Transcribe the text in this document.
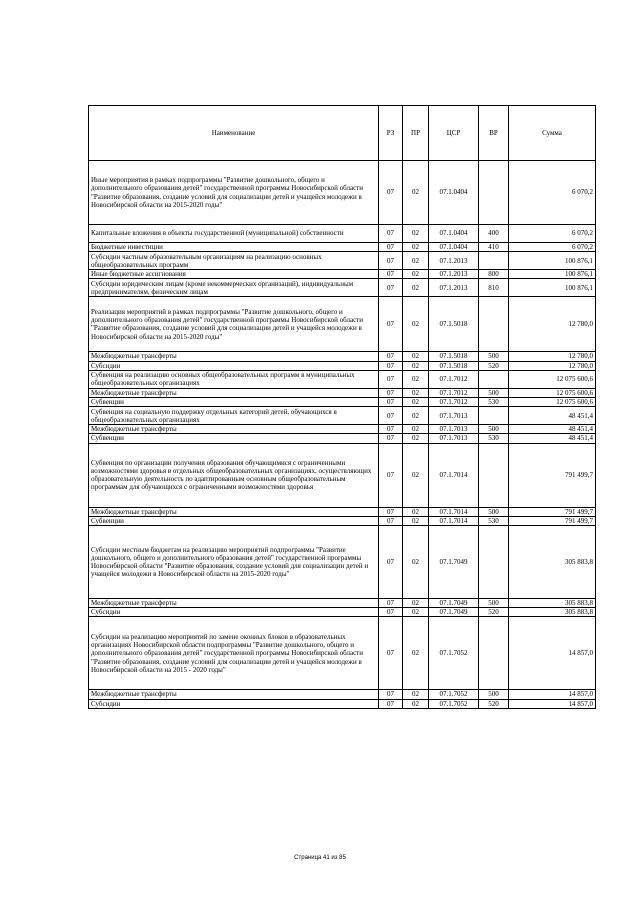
Наименование	РЗ	ПР	ЦСР	ВР	Сумма
Иные мероприятия в рамках подпрограммы "Развитие дошкольного, общего и дополнительного образования детей" государственной программы Новосибирской области "Развитие образования, создание условий для социализации детей и учащейся молодежи в Новосибирской области на 2015-2020 годы"	07	02	07.1.0404		6 070,2
Капитальные вложения в объекты государственной (муниципальной) собственности	07	02	07.1.0404	400	6 070,2
Бюджетные инвестиции	07	02	07.1.0404	410	6 070,2
Субсидии частным образовательным организациям на реализацию основных общеобразовательных программ	07	02	07.1.2013		100 876,1
Иные бюджетные ассигнования	07	02	07.1.2013	800	100 876,1
Субсидии юридическим лицам (кроме некоммерческих организаций), индивидуальным предпринимателям, физическим лицам	07	02	07.1.2013	810	100 876,1
Реализация мероприятий в рамках подпрограммы "Развитие дошкольного, общего и дополнительного образования детей" государственной программы Новосибирской области "Развитие образования, создание условий для социализации детей и учащейся молодежи в Новосибирской области на 2015-2020 годы"	07	02	07.1.5018		12 780,0
Межбюджетные трансферты	07	02	07.1.5018	500	12 780,0
Субсидии	07	02	07.1.5018	520	12 780,0
Субвенция на реализацию основных общеобразовательных программ в муниципальных общеобразовательных организациях	07	02	07.1.7012		12 075 600,6
Межбюджетные трансферты	07	02	07.1.7012	500	12 075 600,6
Субвенции	07	02	07.1.7012	530	12 075 600,6
Субвенция на социальную поддержку отдельных категорий детей, обучающихся в общеобразовательных организациях	07	02	07.1.7013		48 451,4
Межбюджетные трансферты	07	02	07.1.7013	500	48 451,4
Субвенции	07	02	07.1.7013	530	48 451,4
Субвенция по организации получения образования обучающимися с ограниченными возможностями здоровья в отдельных общеобразовательных организациях, осуществляющих образовательную деятельность по адаптированным основным общеобразовательным программам для обучающихся с ограниченными возможностями здоровья	07	02	07.1.7014		791 499,7
Межбюджетные трансферты	07	02	07.1.7014	500	791 499,7
Субвенции	07	02	07.1.7014	530	791 499,7
Субсидии местным бюджетам на реализацию мероприятий подпрограммы "Развитие дошкольного, общего и дополнительного образования детей" государственной программы Новосибирской области "Развитие образования, создание условий для социализации детей и учащейся молодежи в Новосибирской области на 2015-2020 годы"	07	02	07.1.7049		305 883,8
Межбюджетные трансферты	07	02	07.1.7049	500	305 883,8
Субсидии	07	02	07.1.7049	520	305 883,8
Субсидии на реализацию мероприятий по замене оконных блоков в образовательных организациях Новосибирской области подпрограммы "Развитие дошкольного, общего и дополнительного образования детей" государственной программы Новосибирской области "Развитие образования, создание условий для социализации детей и учащейся молодежи в Новосибирской области на 2015 - 2020 годы"	07	02	07.1.7052		14 857,0
Межбюджетные трансферты	07	02	07.1.7052	500	14 857,0
Субсидии	07	02	07.1.7052	520	14 857,0
Страница 41 из 85
